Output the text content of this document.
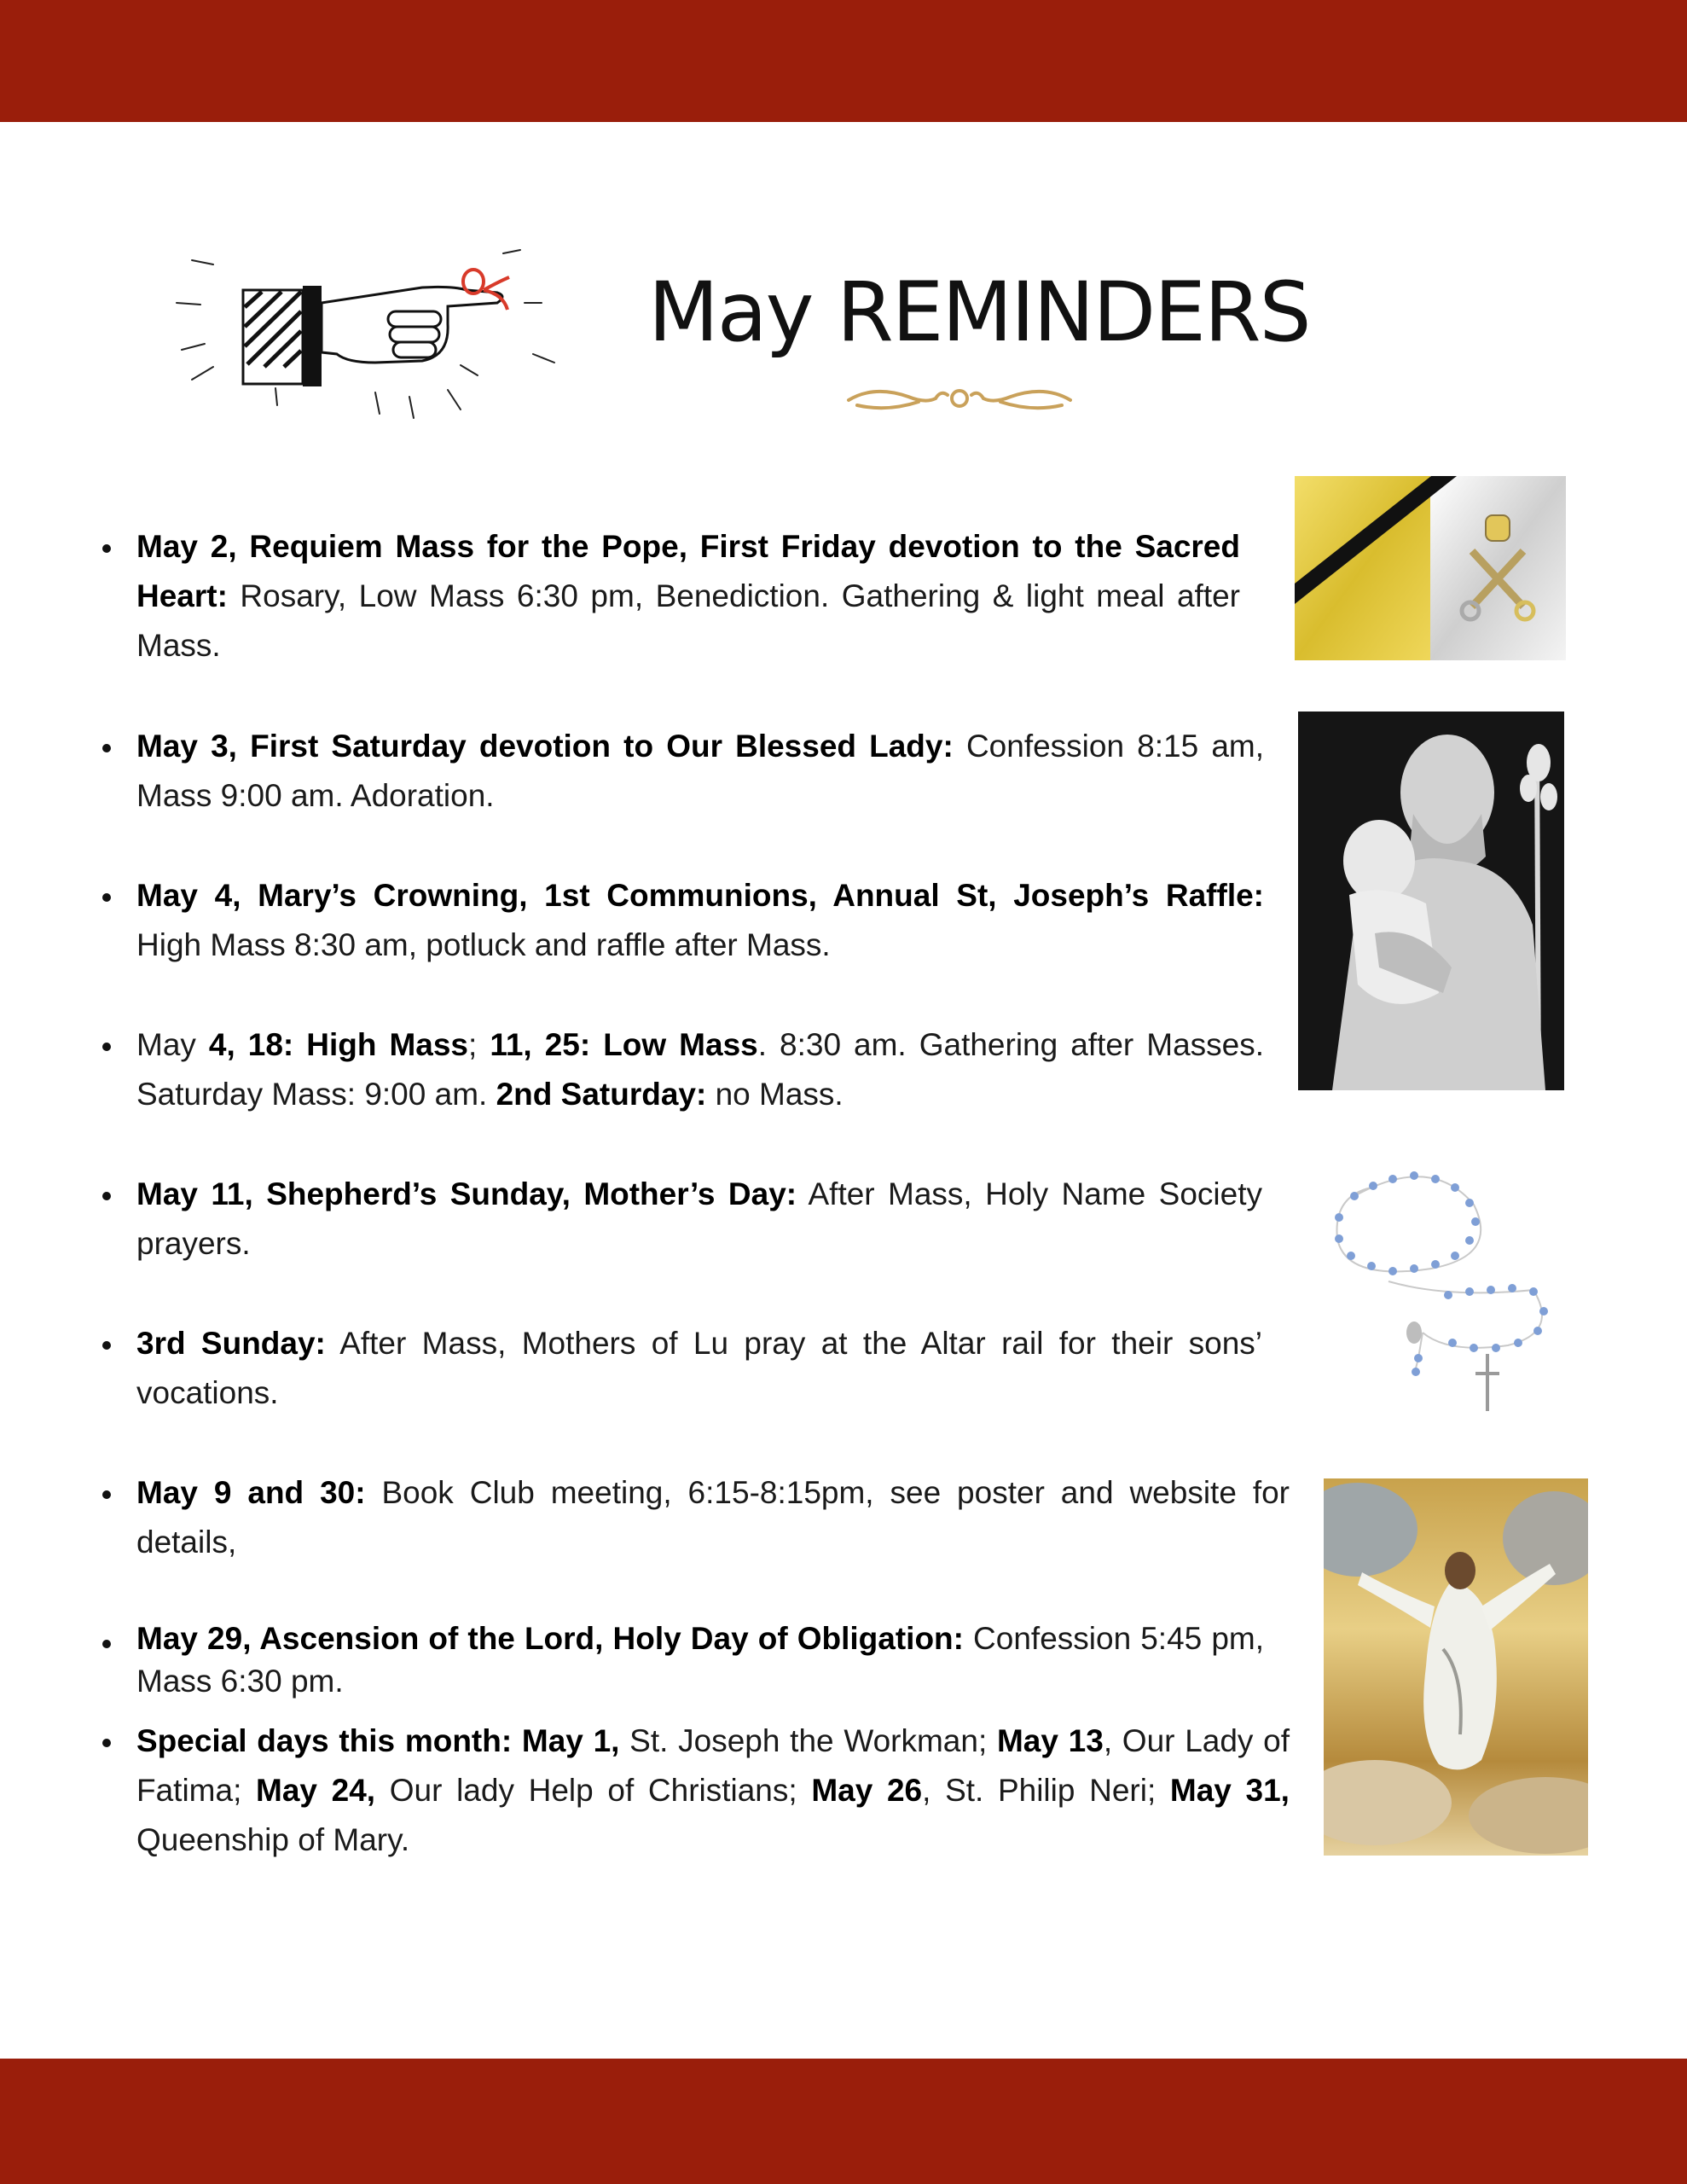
May REMINDERS
May 2, Requiem Mass for the Pope, First Friday devotion to the Sacred Heart: Rosary, Low Mass 6:30 pm, Benediction. Gathering & light meal after Mass.
May 3, First Saturday devotion to Our Blessed Lady: Confession 8:15 am, Mass 9:00 am. Adoration.
May 4, Mary’s Crowning, 1st Communions, Annual St, Joseph’s Raffle: High Mass 8:30 am, potluck and raffle after Mass.
May 4, 18: High Mass; 11, 25: Low Mass. 8:30 am. Gathering after Masses. Saturday Mass: 9:00 am. 2nd Saturday: no Mass.
May 11, Shepherd’s Sunday, Mother’s Day: After Mass, Holy Name Society prayers.
3rd Sunday: After Mass, Mothers of Lu pray at the Altar rail for their sons’ vocations.
May 9 and 30: Book Club meeting, 6:15-8:15pm, see poster and website for details,
May 29, Ascension of the Lord, Holy Day of Obligation: Confession 5:45 pm, Mass 6:30 pm.
Special days this month: May 1, St. Joseph the Workman; May 13, Our Lady of Fatima; May 24, Our lady Help of Christians; May 26, St. Philip Neri; May 31, Queenship of Mary.
